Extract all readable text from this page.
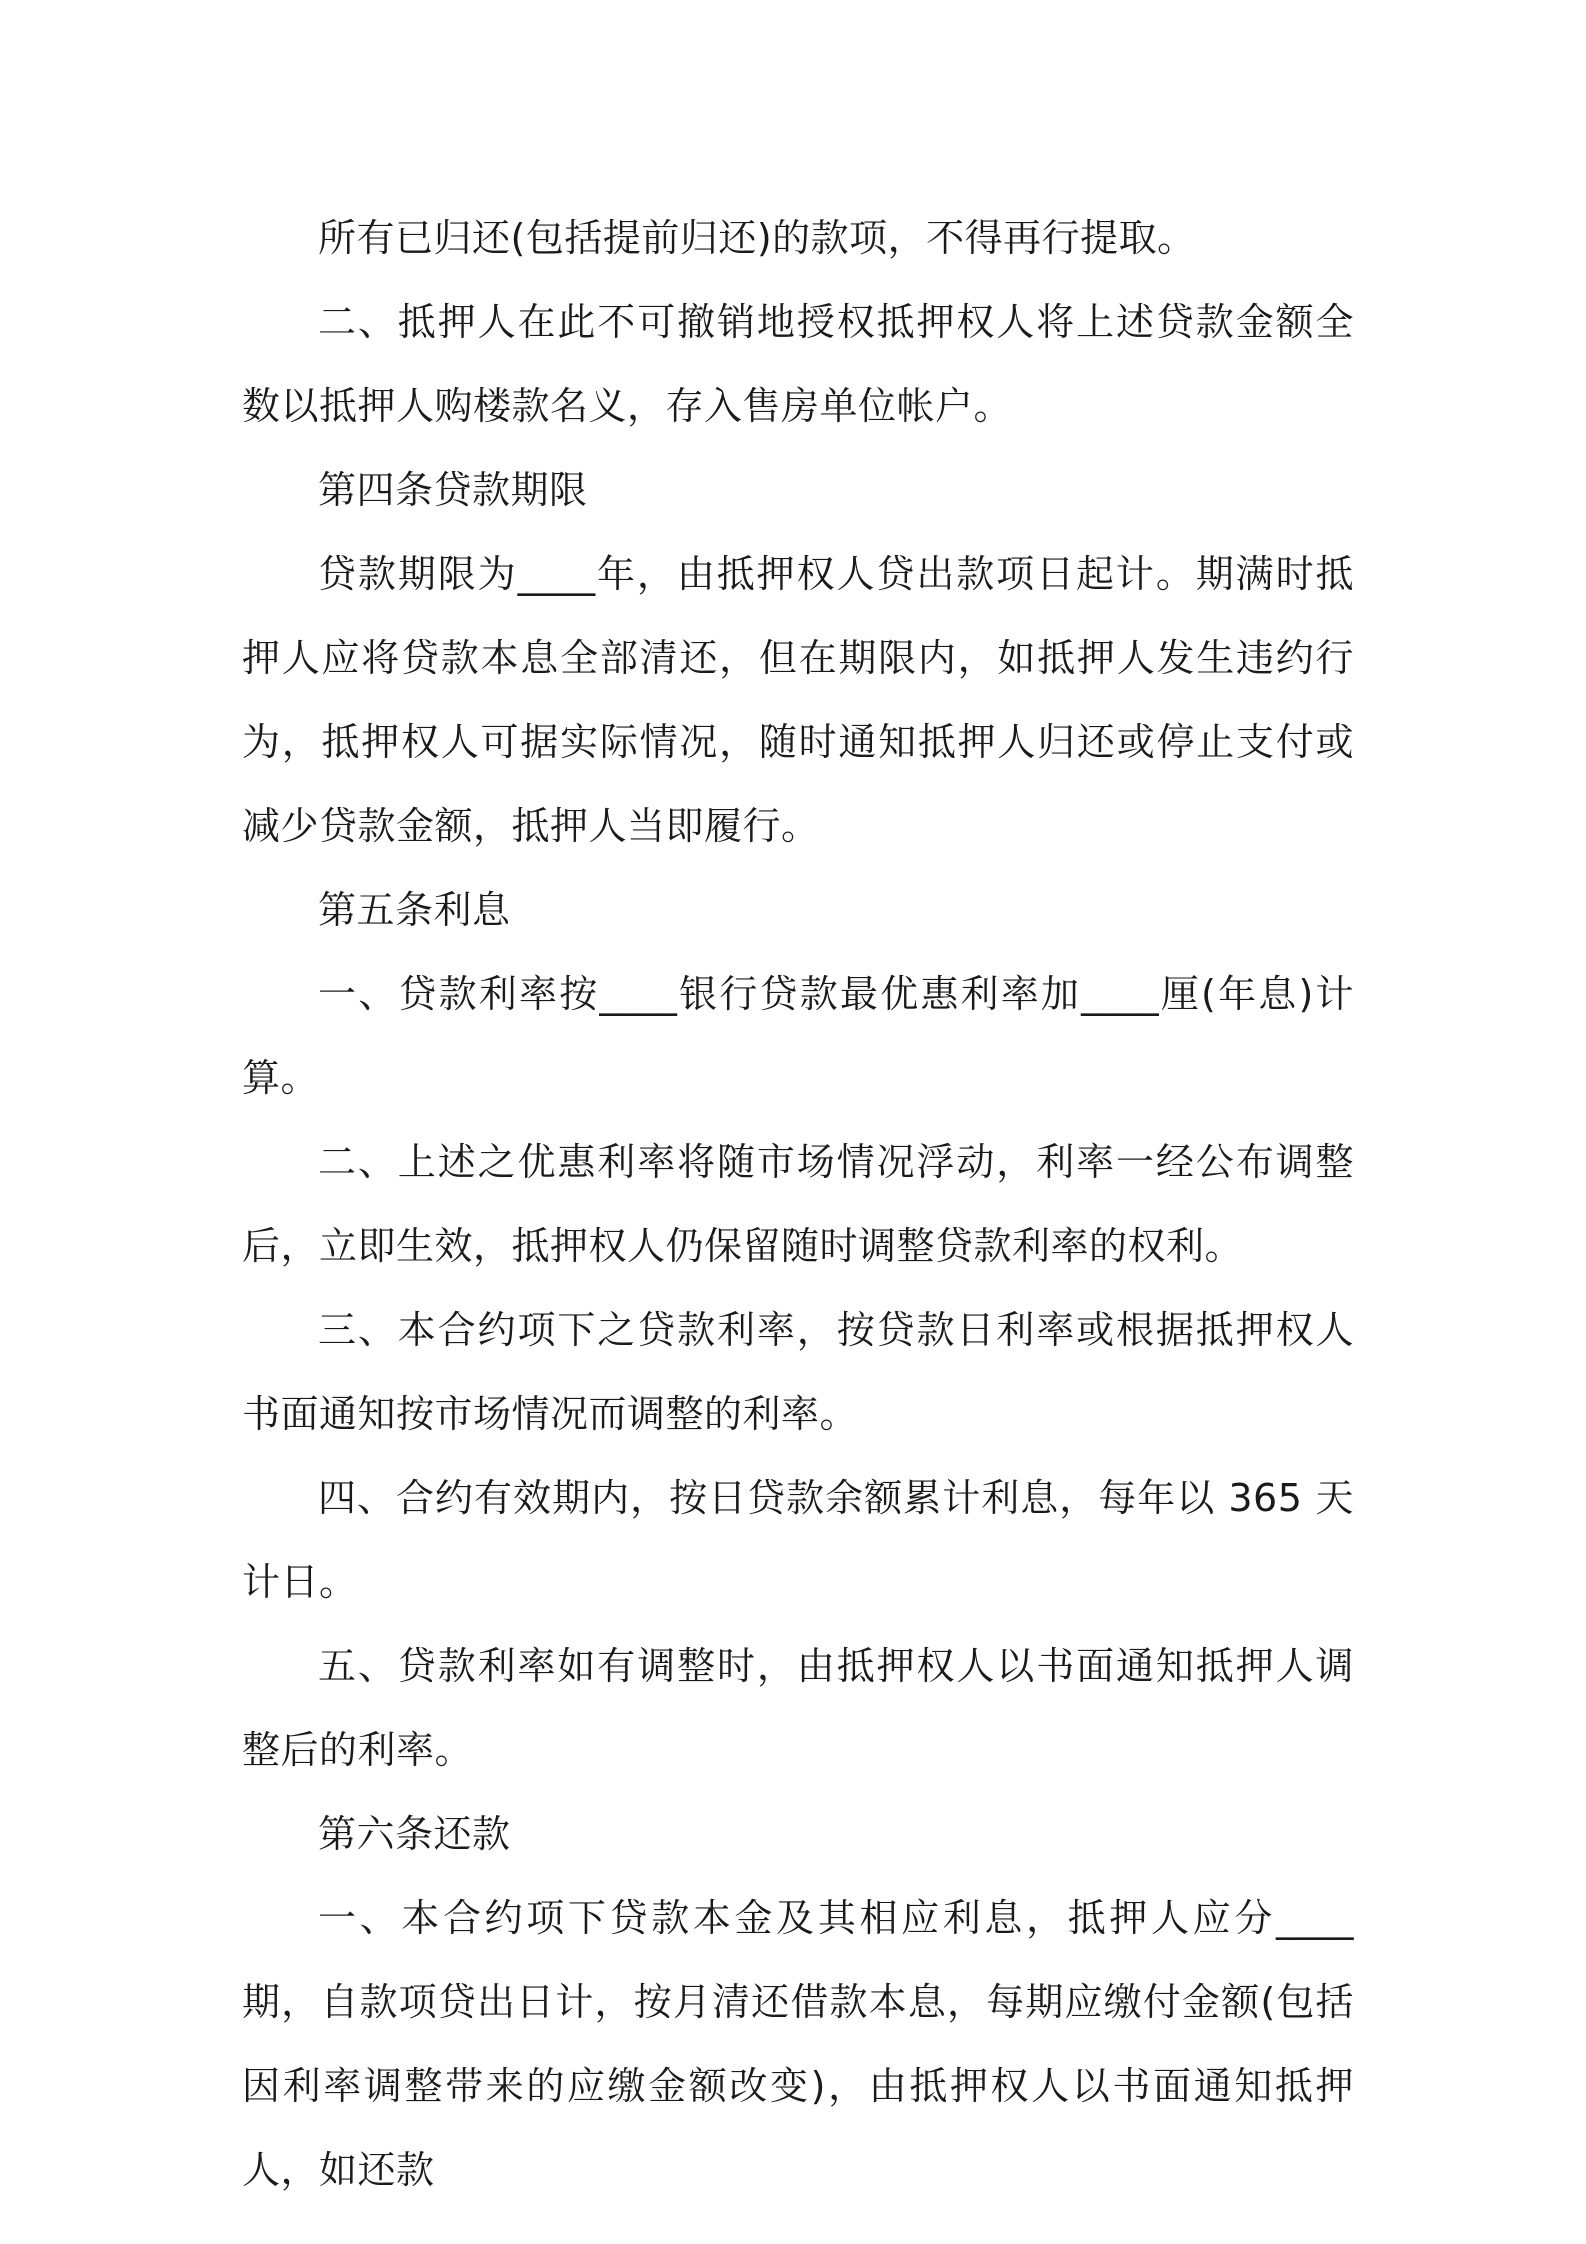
所有已归还(包括提前归还)的款项，不得再行提取。

二、抵押人在此不可撤销地授权抵押权人将上述贷款金额全数以抵押人购楼款名义，存入售房单位帐户。

第四条贷款期限

贷款期限为____年，由抵押权人贷出款项日起计。期满时抵押人应将贷款本息全部清还，但在期限内，如抵押人发生违约行为，抵押权人可据实际情况，随时通知抵押人归还或停止支付或减少贷款金额，抵押人当即履行。

第五条利息

一、贷款利率按____银行贷款最优惠利率加____厘(年息)计算。

二、上述之优惠利率将随市场情况浮动，利率一经公布调整后，立即生效，抵押权人仍保留随时调整贷款利率的权利。

三、本合约项下之贷款利率，按贷款日利率或根据抵押权人书面通知按市场情况而调整的利率。

四、合约有效期内，按日贷款余额累计利息，每年以 365 天计日。

五、贷款利率如有调整时，由抵押权人以书面通知抵押人调整后的利率。

第六条还款

一、本合约项下贷款本金及其相应利息，抵押人应分____期，自款项贷出日计，按月清还借款本息，每期应缴付金额(包括因利率调整带来的应缴金额改变)，由抵押权人以书面通知抵押人，如还款
